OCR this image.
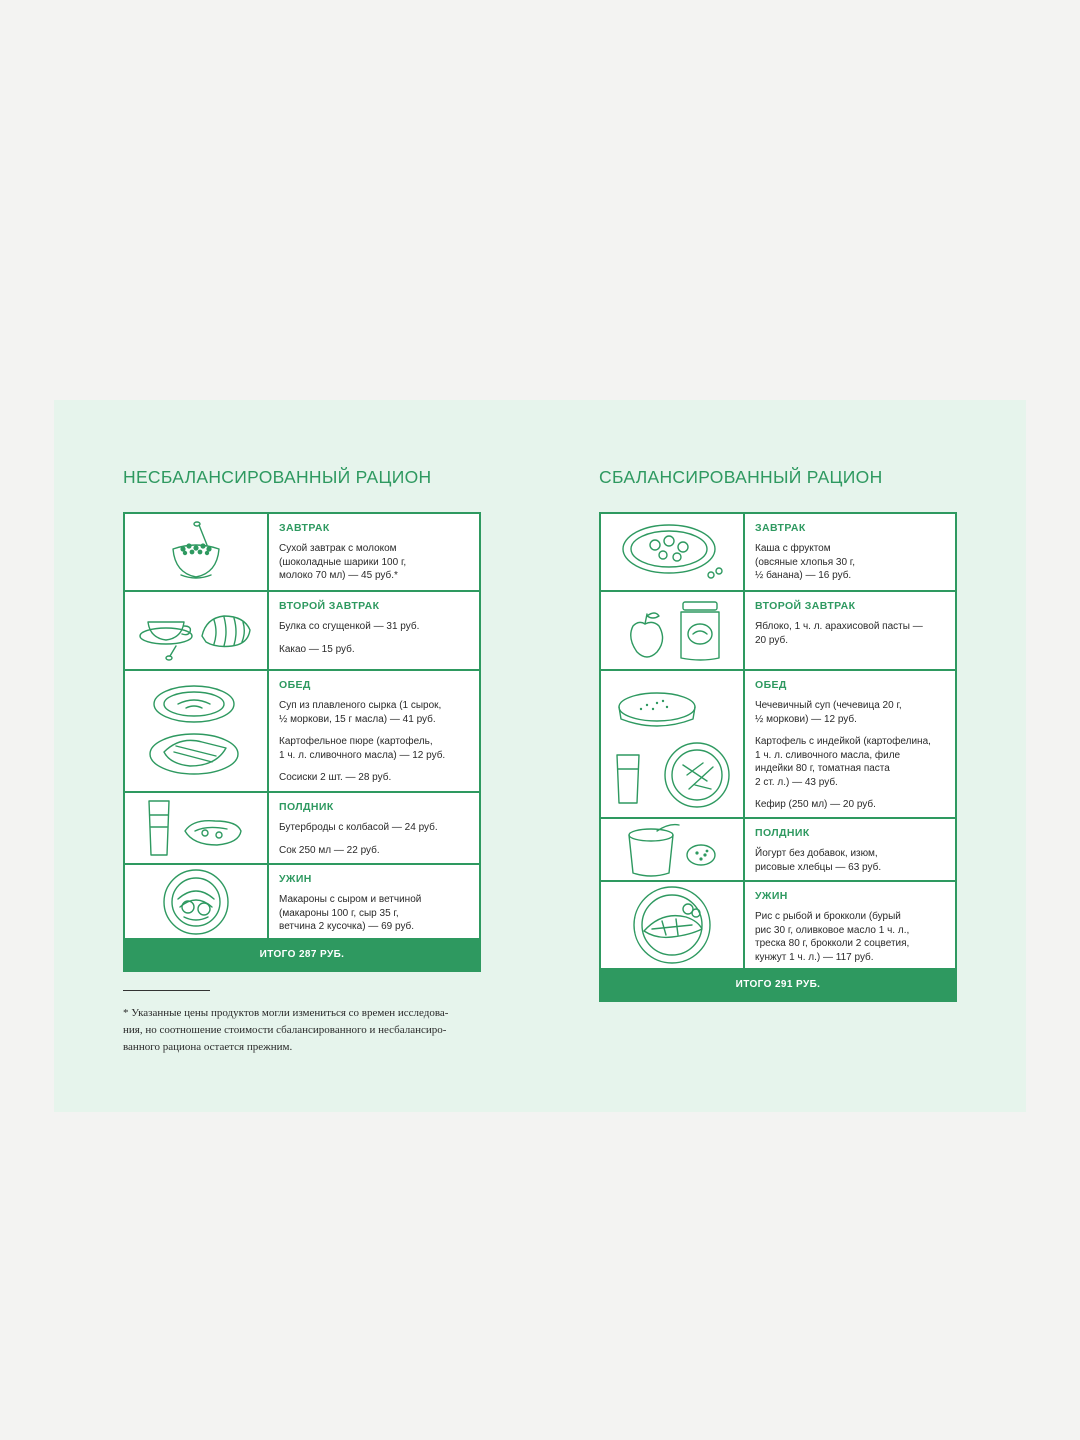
НЕСБАЛАНСИРОВАННЫЙ РАЦИОН
ЗАВТРАК
Сухой завтрак с молоком
(шоколадные шарики 100 г,
молоко 70 мл) — 45 руб.*
ВТОРОЙ ЗАВТРАК
Булка со сгущенкой — 31 руб.
Какао — 15 руб.
ОБЕД
Суп из плавленого сырка (1 сырок,
½ моркови, 15 г масла) — 41 руб.
Картофельное пюре (картофель,
1 ч. л. сливочного масла) — 12 руб.
Сосиски 2 шт. — 28 руб.
ПОЛДНИК
Бутерброды с колбасой — 24 руб.
Сок 250 мл — 22 руб.
УЖИН
Макароны с сыром и ветчиной
(макароны 100 г, сыр 35 г,
ветчина 2 кусочка) — 69 руб.
ИТОГО 287 РУБ.
* Указанные цены продуктов могли измениться со времен исследова-
ния, но соотношение стоимости сбалансированного и несбалансиро-
ванного рациона остается прежним.
СБАЛАНСИРОВАННЫЙ РАЦИОН
ЗАВТРАК
Каша с фруктом
(овсяные хлопья 30 г,
½ банана) — 16 руб.
ВТОРОЙ ЗАВТРАК
Яблоко, 1 ч. л. арахисовой пасты —
20 руб.
ОБЕД
Чечевичный суп (чечевица 20 г,
½ моркови) — 12 руб.
Картофель с индейкой (картофелина,
1 ч. л. сливочного масла, филе
индейки 80 г, томатная паста
2 ст. л.) — 43 руб.
Кефир (250 мл) — 20 руб.
ПОЛДНИК
Йогурт без добавок, изюм,
рисовые хлебцы — 63 руб.
УЖИН
Рис с рыбой и брокколи (бурый
рис 30 г, оливковое масло 1 ч. л.,
треска 80 г, брокколи 2 соцветия,
кунжут 1 ч. л.) — 117 руб.
ИТОГО 291 РУБ.
